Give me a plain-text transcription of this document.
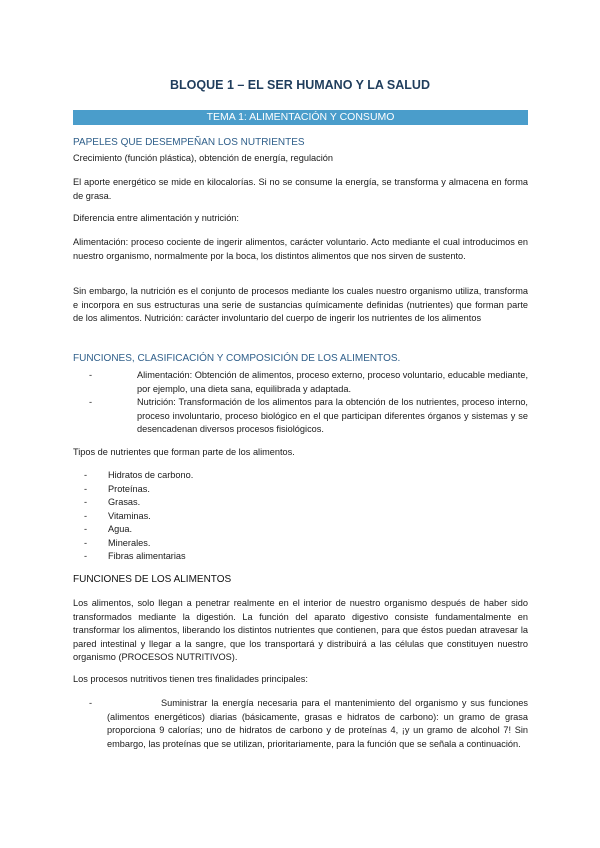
BLOQUE 1 – EL SER HUMANO Y LA SALUD
TEMA 1: ALIMENTACIÓN Y CONSUMO
PAPELES QUE DESEMPEÑAN LOS NUTRIENTES
Crecimiento (función plástica), obtención de energía, regulación
El aporte energético se mide en kilocalorías. Si no se consume la energía, se transforma y almacena en forma de grasa.
Diferencia entre alimentación y nutrición:
Alimentación: proceso cociente de ingerir alimentos, carácter voluntario. Acto mediante el cual introducimos en nuestro organismo, normalmente por la boca, los distintos alimentos que nos sirven de sustento.
Sin embargo, la nutrición es el conjunto de procesos mediante los cuales nuestro organismo utiliza, transforma e incorpora en sus estructuras una serie de sustancias químicamente definidas (nutrientes) que forman parte de los alimentos. Nutrición: carácter involuntario del cuerpo de ingerir los nutrientes de los alimentos
FUNCIONES, CLASIFICACIÓN Y COMPOSICIÓN DE LOS ALIMENTOS.
-	Alimentación: Obtención de alimentos, proceso externo, proceso voluntario, educable mediante, por ejemplo, una dieta sana, equilibrada y adaptada.
-	Nutrición: Transformación de los alimentos para la obtención de los nutrientes, proceso interno, proceso involuntario, proceso biológico en el que participan diferentes órganos y sistemas y se desencadenan diversos procesos fisiológicos.
Tipos de nutrientes que forman parte de los alimentos.
-	Hidratos de carbono.
-	Proteínas.
-	Grasas.
-	Vitaminas.
-	Agua.
-	Minerales.
-	Fibras alimentarias
FUNCIONES DE LOS ALIMENTOS
Los alimentos, solo llegan a penetrar realmente en el interior de nuestro organismo después de haber sido transformados mediante la digestión. La función del aparato digestivo consiste fundamentalmente en transformar los alimentos, liberando los distintos nutrientes que contienen, para que éstos puedan atravesar la pared intestinal y llegar a la sangre, que los transportará y distribuirá a las células que constituyen nuestro organismo (PROCESOS NUTRITIVOS).
Los procesos nutritivos tienen tres finalidades principales:
-	Suministrar la energía necesaria para el mantenimiento del organismo y sus funciones (alimentos energéticos) diarias (básicamente, grasas e hidratos de carbono): un gramo de grasa proporciona 9 calorías; uno de hidratos de carbono y de proteínas 4, ¡y un gramo de alcohol 7! Sin embargo, las proteínas que se utilizan, prioritariamente, para la función que se señala a continuación.
